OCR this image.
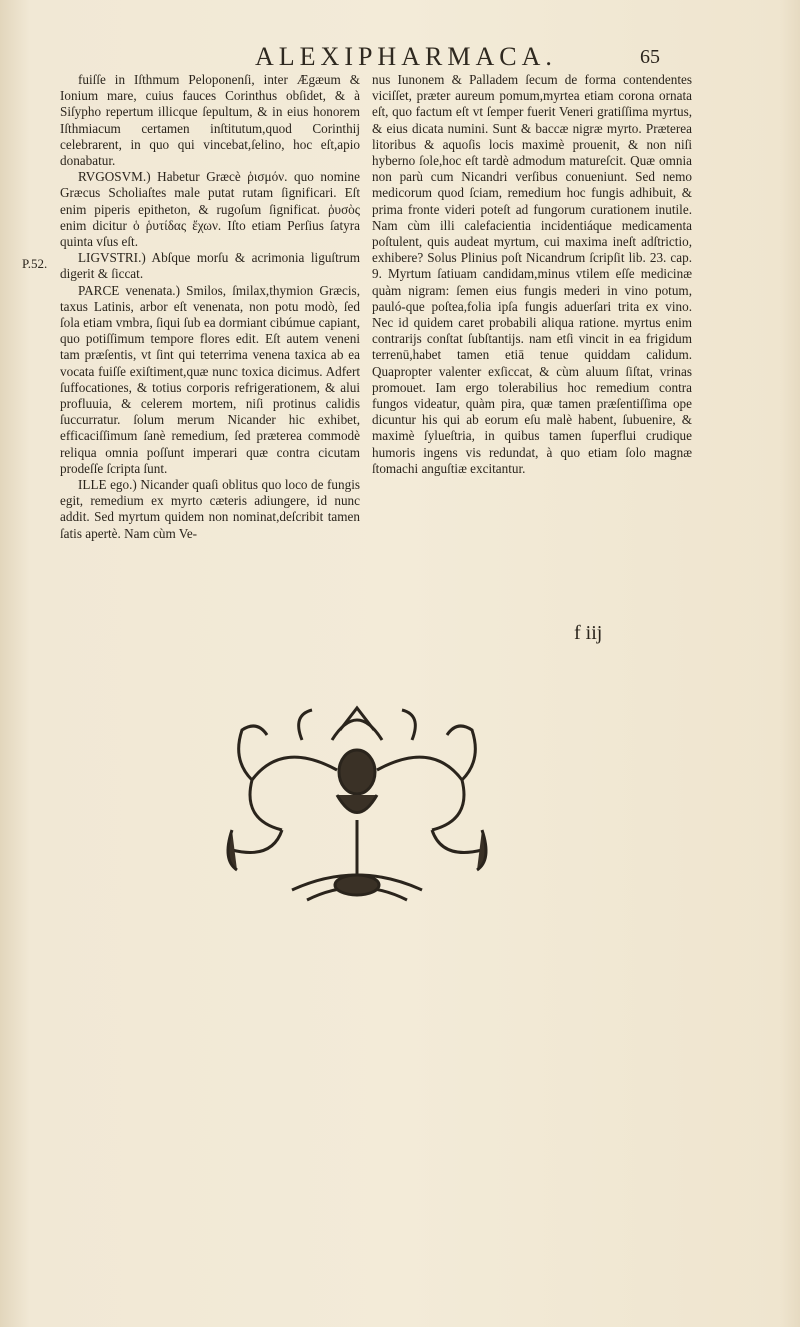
ALEXIPHARMACA.	65
P.52.

fuiſſe in Iſthmum Peloponenſi, inter Ægæum & Ionium mare, cuius fauces Corinthus obſidet, & à Siſypho repertum illicque ſepultum, & in eius honorem Iſthmiacum certamen inſtitutum,quod Corinthij celebrarent, in quo qui vincebat,ſelino, hoc eſt,apio donabatur.

RVGOSVM.) Habetur Græcè ῥισμόν. quo nomine Græcus Scholiaſtes male putat rutam ſignificari. Eſt enim piperis epitheton, & rugoſum ſignificat. ῥυσὸς enim dicitur ὁ ῥυτίδας ἔχων. Iſto etiam Perſius ſatyra quinta vſus eſt.

LIGVSTRI.) Abſque morſu & acrimonia liguſtrum digerit & ſiccat.

PARCE venenata.) Smilos, ſmilax,thymion Græcis, taxus Latinis, arbor eſt venenata, non potu modò, ſed ſola etiam vmbra, ſiqui ſub ea dormiant cibúmue capiant, quo potiſſimum tempore flores edit. Eſt autem veneni tam præſentis, vt ſint qui teterrima venena taxica ab ea vocata fuiſſe exiſtiment,quæ nunc toxica dicimus. Adfert ſuffocationes, & totius corporis refrigerationem, & alui profluuia, & celerem mortem, niſi protinus calidis ſuccurratur. ſolum merum Nicander hic exhibet, efficaciſſimum ſanè remedium, ſed præterea commodè reliqua omnia poſſunt imperari quæ contra cicutam prodeſſe ſcripta ſunt.

ILLE ego.) Nicander quaſi oblitus quo loco de fungis egit, remedium ex myrto cæteris adiungere, id nunc addit. Sed myrtum quidem non nominat,deſcribit tamen ſatis apertè. Nam cùm Ve-

nus Iunonem & Palladem ſecum de forma contendentes viciſſet, præter aureum pomum,myrtea etiam corona ornata eſt, quo factum eſt vt ſemper fuerit Veneri gratiſſima myrtus, & eius dicata numini. Sunt & baccæ nigræ myrto. Præterea litoribus & aquoſis locis maximè prouenit, & non niſi hyberno ſole,hoc eſt tardè admodum matureſcit. Quæ omnia non parù cum Nicandri verſibus conueniunt. Sed nemo medicorum quod ſciam, remedium hoc fungis adhibuit, & prima fronte videri poteſt ad fungorum curationem inutile. Nam cùm illi calefacientia incidentiáque medicamenta poſtulent, quis audeat myrtum, cui maxima ineſt adſtrictio, exhibere? Solus Plinius poſt Nicandrum ſcripſit lib. 23. cap. 9. Myrtum ſatiuam candidam,minus vtilem eſſe medicinæ quàm nigram: ſemen eius fungis mederi in vino potum, pauló-que poſtea,folia ipſa fungis aduerſari trita ex vino. Nec id quidem caret probabili aliqua ratione. myrtus enim contrarijs conſtat ſubſtantijs. nam etſi vincit in ea frigidum terrenū,habet tamen etiā tenue quiddam calidum. Quapropter valenter exſiccat, & cùm aluum ſiſtat, vrinas promouet. Iam ergo tolerabilius hoc remedium contra fungos videatur, quàm pira, quæ tamen præſentiſſima ope dicuntur his qui ab eorum eſu malè habent, ſubuenire, & maximè ſylueſtria, in quibus tamen ſuperflui crudique humoris ingens vis redundat, à quo etiam ſolo magnæ ſtomachi anguſtiæ excitantur.

f iij
